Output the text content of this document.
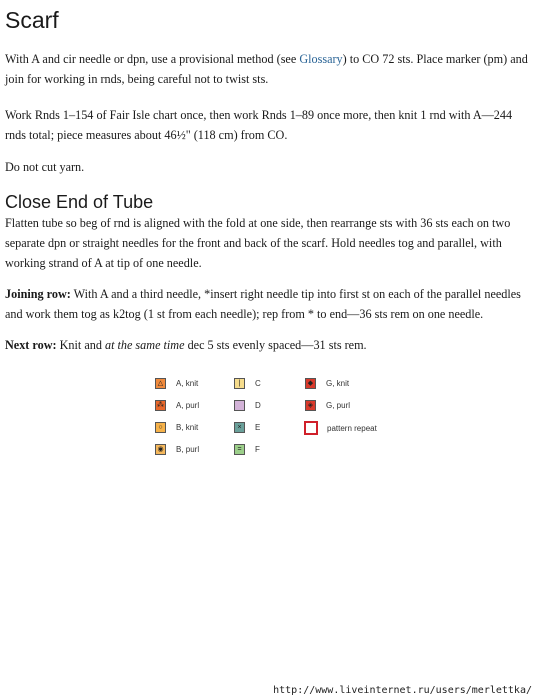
Scarf

With A and cir needle or dpn, use a provisional method (see Glossary) to CO 72 sts. Place marker (pm) and join for working in rnds, being careful not to twist sts.

Work Rnds 1–154 of Fair Isle chart once, then work Rnds 1–89 once more, then knit 1 rnd with A—244 rnds total; piece measures about 46½" (118 cm) from CO.

Do not cut yarn.

Close End of Tube

Flatten tube so beg of rnd is aligned with the fold at one side, then rearrange sts with 36 sts each on two separate dpn or straight needles for the front and back of the scarf. Hold needles tog and parallel, with working strand of A at tip of one needle.

Joining row: With A and a third needle, *insert right needle tip into first st on each of the parallel needles and work them tog as k2tog (1 st from each needle); rep from * to end—36 sts rem on one needle.

Next row: Knit and at the same time dec 5 sts evenly spaced—31 sts rem.

△	A, knit
⁂ A, purl
○	B, knit
◉	B, purl
|	C
D
×	E
=	F
◆	G, knit
◈	G, purl
pattern repeat
http://www.liveinternet.ru/users/merlettka/
